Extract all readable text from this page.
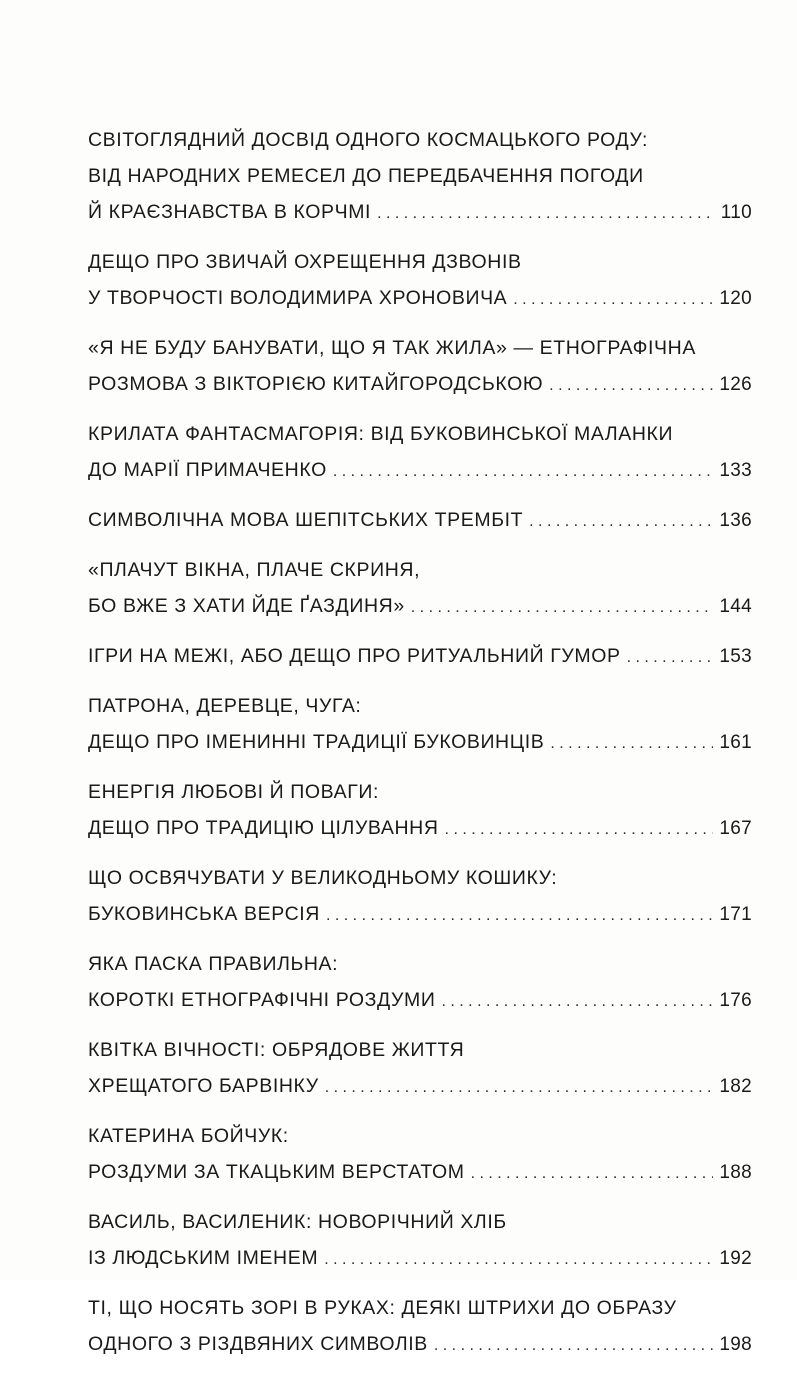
СВІТОГЛЯДНИЙ ДОСВІД ОДНОГО КОСМАЦЬКОГО РОДУ:
ВІД НАРОДНИХ РЕМЕСЕЛ ДО ПЕРЕДБАЧЕННЯ ПОГОДИ
Й КРАЄЗНАВСТВА В КОРЧМІ . . .	110
ДЕЩО ПРО ЗВИЧАЙ ОХРЕЩЕННЯ ДЗВОНІВ
У ТВОРЧОСТІ ВОЛОДИМИРА ХРОНОВИЧА . . .	120
«Я НЕ БУДУ БАНУВАТИ, ЩО Я ТАК ЖИЛА» — ЕТНОГРАФІЧНА
РОЗМОВА З ВІКТОРІЄЮ КИТАЙГОРОДСЬКОЮ . . .	126
КРИЛАТА ФАНТАСМАГОРІЯ: ВІД БУКОВИНСЬКОЇ МАЛАНКИ
ДО МАРІЇ ПРИМАЧЕНКО . . .	133
СИМВОЛІЧНА МОВА ШЕПІТСЬКИХ ТРЕМБІТ . . .	136
«ПЛАЧУТ ВІКНА, ПЛАЧЕ СКРИНЯ,
БО ВЖЕ З ХАТИ ЙДЕ ҐАЗДИНЯ» . . .	144
ІГРИ НА МЕЖІ, АБО ДЕЩО ПРО РИТУАЛЬНИЙ ГУМОР . . .	153
ПАТРОНА, ДЕРЕВЦЕ, ЧУГА:
ДЕЩО ПРО ІМЕНИННІ ТРАДИЦІЇ БУКОВИНЦІВ . . .	161
ЕНЕРГІЯ ЛЮБОВІ Й ПОВАГИ:
ДЕЩО ПРО ТРАДИЦІЮ ЦІЛУВАННЯ . . .	167
ЩО ОСВЯЧУВАТИ У ВЕЛИКОДНЬОМУ КОШИКУ:
БУКОВИНСЬКА ВЕРСІЯ . . .	171
ЯКА ПАСКА ПРАВИЛЬНА:
КОРОТКІ ЕТНОГРАФІЧНІ РОЗДУМИ . . .	176
КВІТКА ВІЧНОСТІ: ОБРЯДОВЕ ЖИТТЯ
ХРЕЩАТОГО БАРВІНКУ . . .	182
КАТЕРИНА БОЙЧУК:
РОЗДУМИ ЗА ТКАЦЬКИМ ВЕРСТАТОМ . . .	188
ВАСИЛЬ, ВАСИЛЕНИК: НОВОРІЧНИЙ ХЛІБ
ІЗ ЛЮДСЬКИМ ІМЕНЕМ . . .	192
ТІ, ЩО НОСЯТЬ ЗОРІ В РУКАХ: ДЕЯКІ ШТРИХИ ДО ОБРАЗУ
ОДНОГО З РІЗДВЯНИХ СИМВОЛІВ . . .	198
